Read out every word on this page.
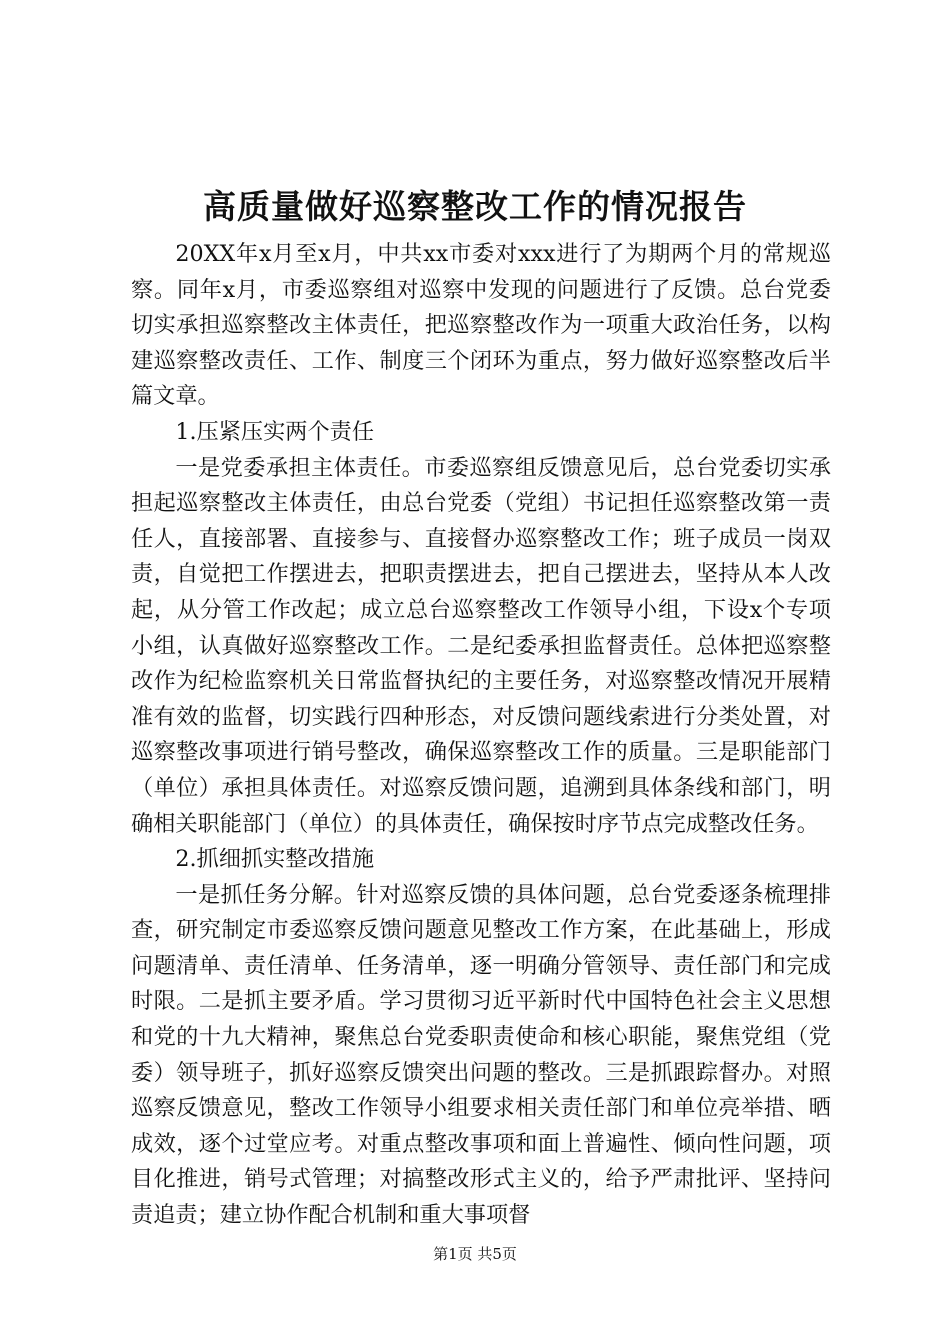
高质量做好巡察整改工作的情况报告

20XX年x月至x月，中共xx市委对xxx进行了为期两个月的常规巡察。同年x月，市委巡察组对巡察中发现的问题进行了反馈。总台党委切实承担巡察整改主体责任，把巡察整改作为一项重大政治任务，以构建巡察整改责任、工作、制度三个闭环为重点，努力做好巡察整改后半篇文章。

1.压紧压实两个责任

一是党委承担主体责任。市委巡察组反馈意见后，总台党委切实承担起巡察整改主体责任，由总台党委（党组）书记担任巡察整改第一责任人，直接部署、直接参与、直接督办巡察整改工作；班子成员一岗双责，自觉把工作摆进去，把职责摆进去，把自己摆进去，坚持从本人改起，从分管工作改起；成立总台巡察整改工作领导小组，下设x个专项小组，认真做好巡察整改工作。二是纪委承担监督责任。总体把巡察整改作为纪检监察机关日常监督执纪的主要任务，对巡察整改情况开展精准有效的监督，切实践行四种形态，对反馈问题线索进行分类处置，对巡察整改事项进行销号整改，确保巡察整改工作的质量。三是职能部门（单位）承担具体责任。对巡察反馈问题，追溯到具体条线和部门，明确相关职能部门（单位）的具体责任，确保按时序节点完成整改任务。

2.抓细抓实整改措施

一是抓任务分解。针对巡察反馈的具体问题，总台党委逐条梳理排查，研究制定市委巡察反馈问题意见整改工作方案，在此基础上，形成问题清单、责任清单、任务清单，逐一明确分管领导、责任部门和完成时限。二是抓主要矛盾。学习贯彻习近平新时代中国特色社会主义思想和党的十九大精神，聚焦总台党委职责使命和核心职能，聚焦党组（党委）领导班子，抓好巡察反馈突出问题的整改。三是抓跟踪督办。对照巡察反馈意见，整改工作领导小组要求相关责任部门和单位亮举措、晒成效，逐个过堂应考。对重点整改事项和面上普遍性、倾向性问题，项目化推进，销号式管理；对搞整改形式主义的，给予严肃批评、坚持问责追责；建立协作配合机制和重大事项督

第1页 共5页
